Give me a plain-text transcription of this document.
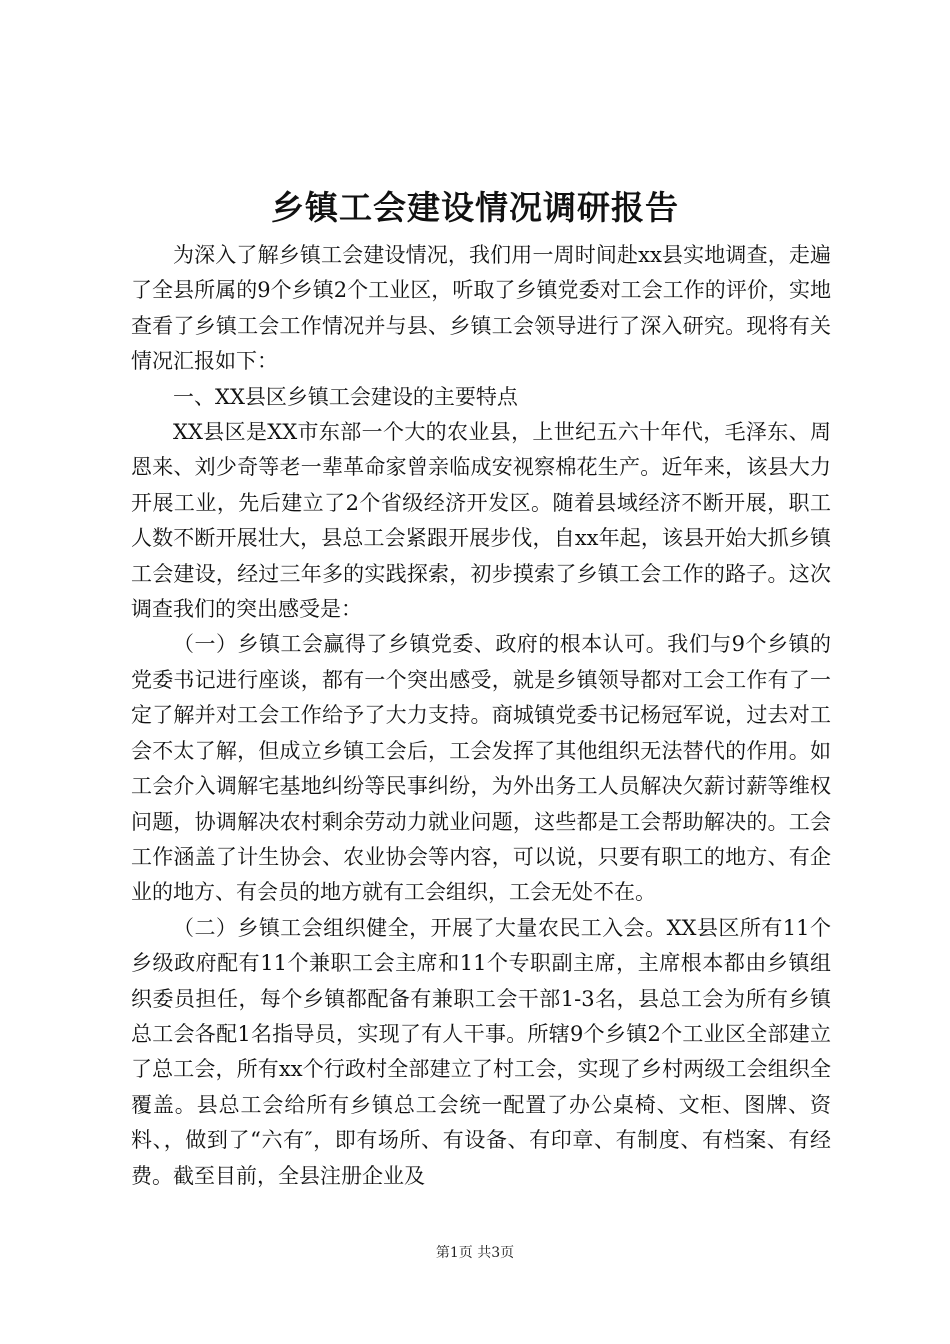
乡镇工会建设情况调研报告

为深入了解乡镇工会建设情况，我们用一周时间赴xx县实地调查，走遍了全县所属的9个乡镇2个工业区，听取了乡镇党委对工会工作的评价，实地查看了乡镇工会工作情况并与县、乡镇工会领导进行了深入研究。现将有关情况汇报如下：

一、XX县区乡镇工会建设的主要特点

XX县区是XX市东部一个大的农业县，上世纪五六十年代，毛泽东、周恩来、刘少奇等老一辈革命家曾亲临成安视察棉花生产。近年来，该县大力开展工业，先后建立了2个省级经济开发区。随着县域经济不断开展，职工人数不断开展壮大，县总工会紧跟开展步伐，自xx年起，该县开始大抓乡镇工会建设，经过三年多的实践探索，初步摸索了乡镇工会工作的路子。这次调查我们的突出感受是：

（一）乡镇工会赢得了乡镇党委、政府的根本认可。我们与9个乡镇的党委书记进行座谈，都有一个突出感受，就是乡镇领导都对工会工作有了一定了解并对工会工作给予了大力支持。商城镇党委书记杨冠军说，过去对工会不太了解，但成立乡镇工会后，工会发挥了其他组织无法替代的作用。如工会介入调解宅基地纠纷等民事纠纷，为外出务工人员解决欠薪讨薪等维权问题，协调解决农村剩余劳动力就业问题，这些都是工会帮助解决的。工会工作涵盖了计生协会、农业协会等内容，可以说，只要有职工的地方、有企业的地方、有会员的地方就有工会组织，工会无处不在。

（二）乡镇工会组织健全，开展了大量农民工入会。XX县区所有11个乡级政府配有11个兼职工会主席和11个专职副主席，主席根本都由乡镇组织委员担任，每个乡镇都配备有兼职工会干部1-3名，县总工会为所有乡镇总工会各配1名指导员，实现了有人干事。所辖9个乡镇2个工业区全部建立了总工会，所有xx个行政村全部建立了村工会，实现了乡村两级工会组织全覆盖。县总工会给所有乡镇总工会统一配置了办公桌椅、文柜、图牌、资料、，做到了“六有″，即有场所、有设备、有印章、有制度、有档案、有经费。截至目前，全县注册企业及

第1页 共3页
